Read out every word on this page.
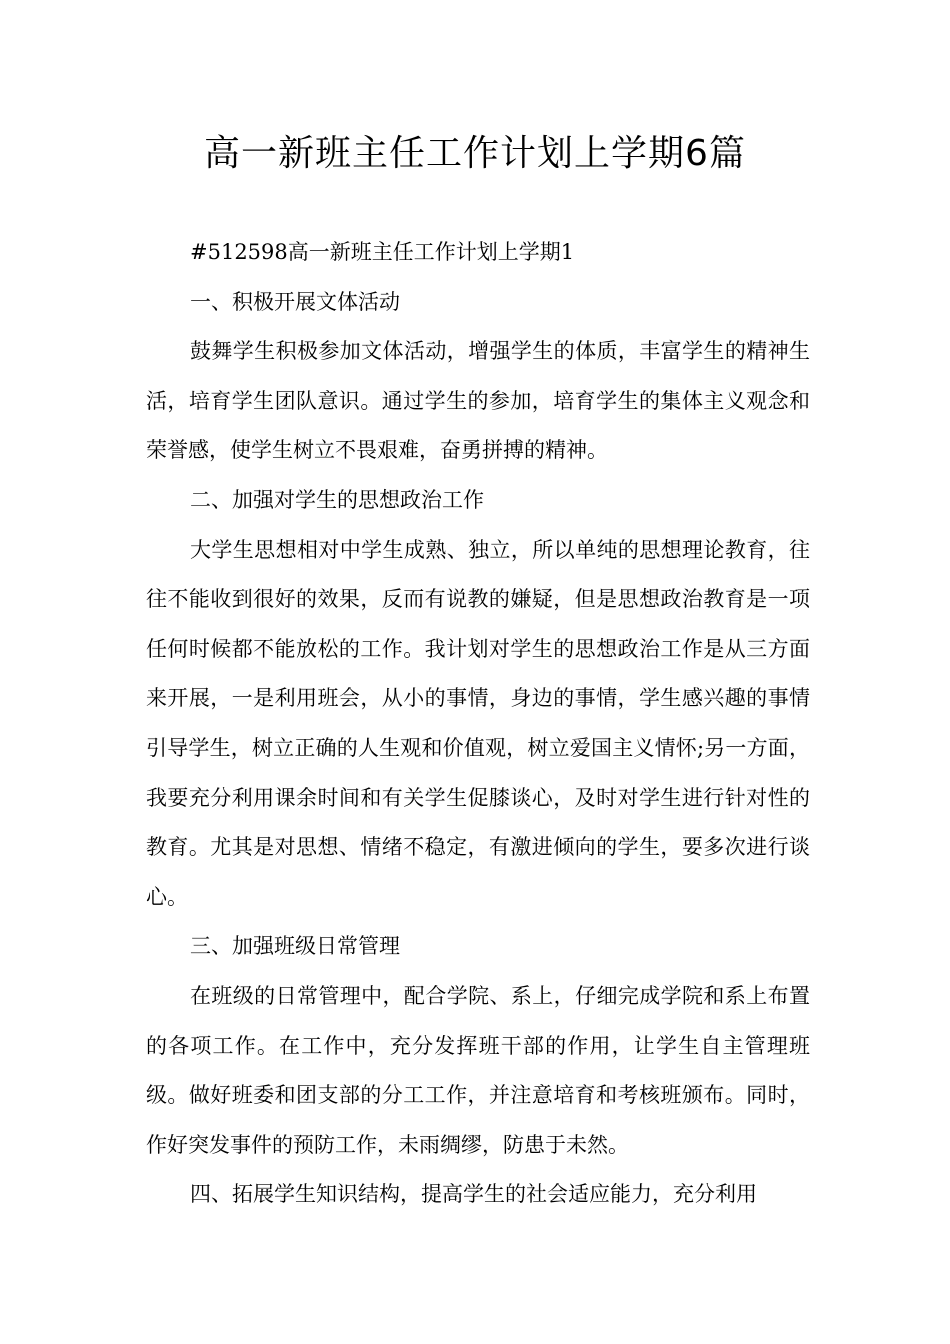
高一新班主任工作计划上学期6篇

#512598高一新班主任工作计划上学期1

一、积极开展文体活动

鼓舞学生积极参加文体活动，增强学生的体质，丰富学生的精神生活，培育学生团队意识。通过学生的参加，培育学生的集体主义观念和荣誉感，使学生树立不畏艰难，奋勇拼搏的精神。

二、加强对学生的思想政治工作

大学生思想相对中学生成熟、独立，所以单纯的思想理论教育，往往不能收到很好的效果，反而有说教的嫌疑，但是思想政治教育是一项任何时候都不能放松的工作。我计划对学生的思想政治工作是从三方面来开展，一是利用班会，从小的事情，身边的事情，学生感兴趣的事情引导学生，树立正确的人生观和价值观，树立爱国主义情怀;另一方面，我要充分利用课余时间和有关学生促膝谈心，及时对学生进行针对性的教育。尤其是对思想、情绪不稳定，有激进倾向的学生，要多次进行谈心。

三、加强班级日常管理

在班级的日常管理中，配合学院、系上，仔细完成学院和系上布置的各项工作。在工作中，充分发挥班干部的作用，让学生自主管理班级。做好班委和团支部的分工工作，并注意培育和考核班颁布。同时，作好突发事件的预防工作，未雨绸缪，防患于未然。

四、拓展学生知识结构，提高学生的社会适应能力，充分利用
